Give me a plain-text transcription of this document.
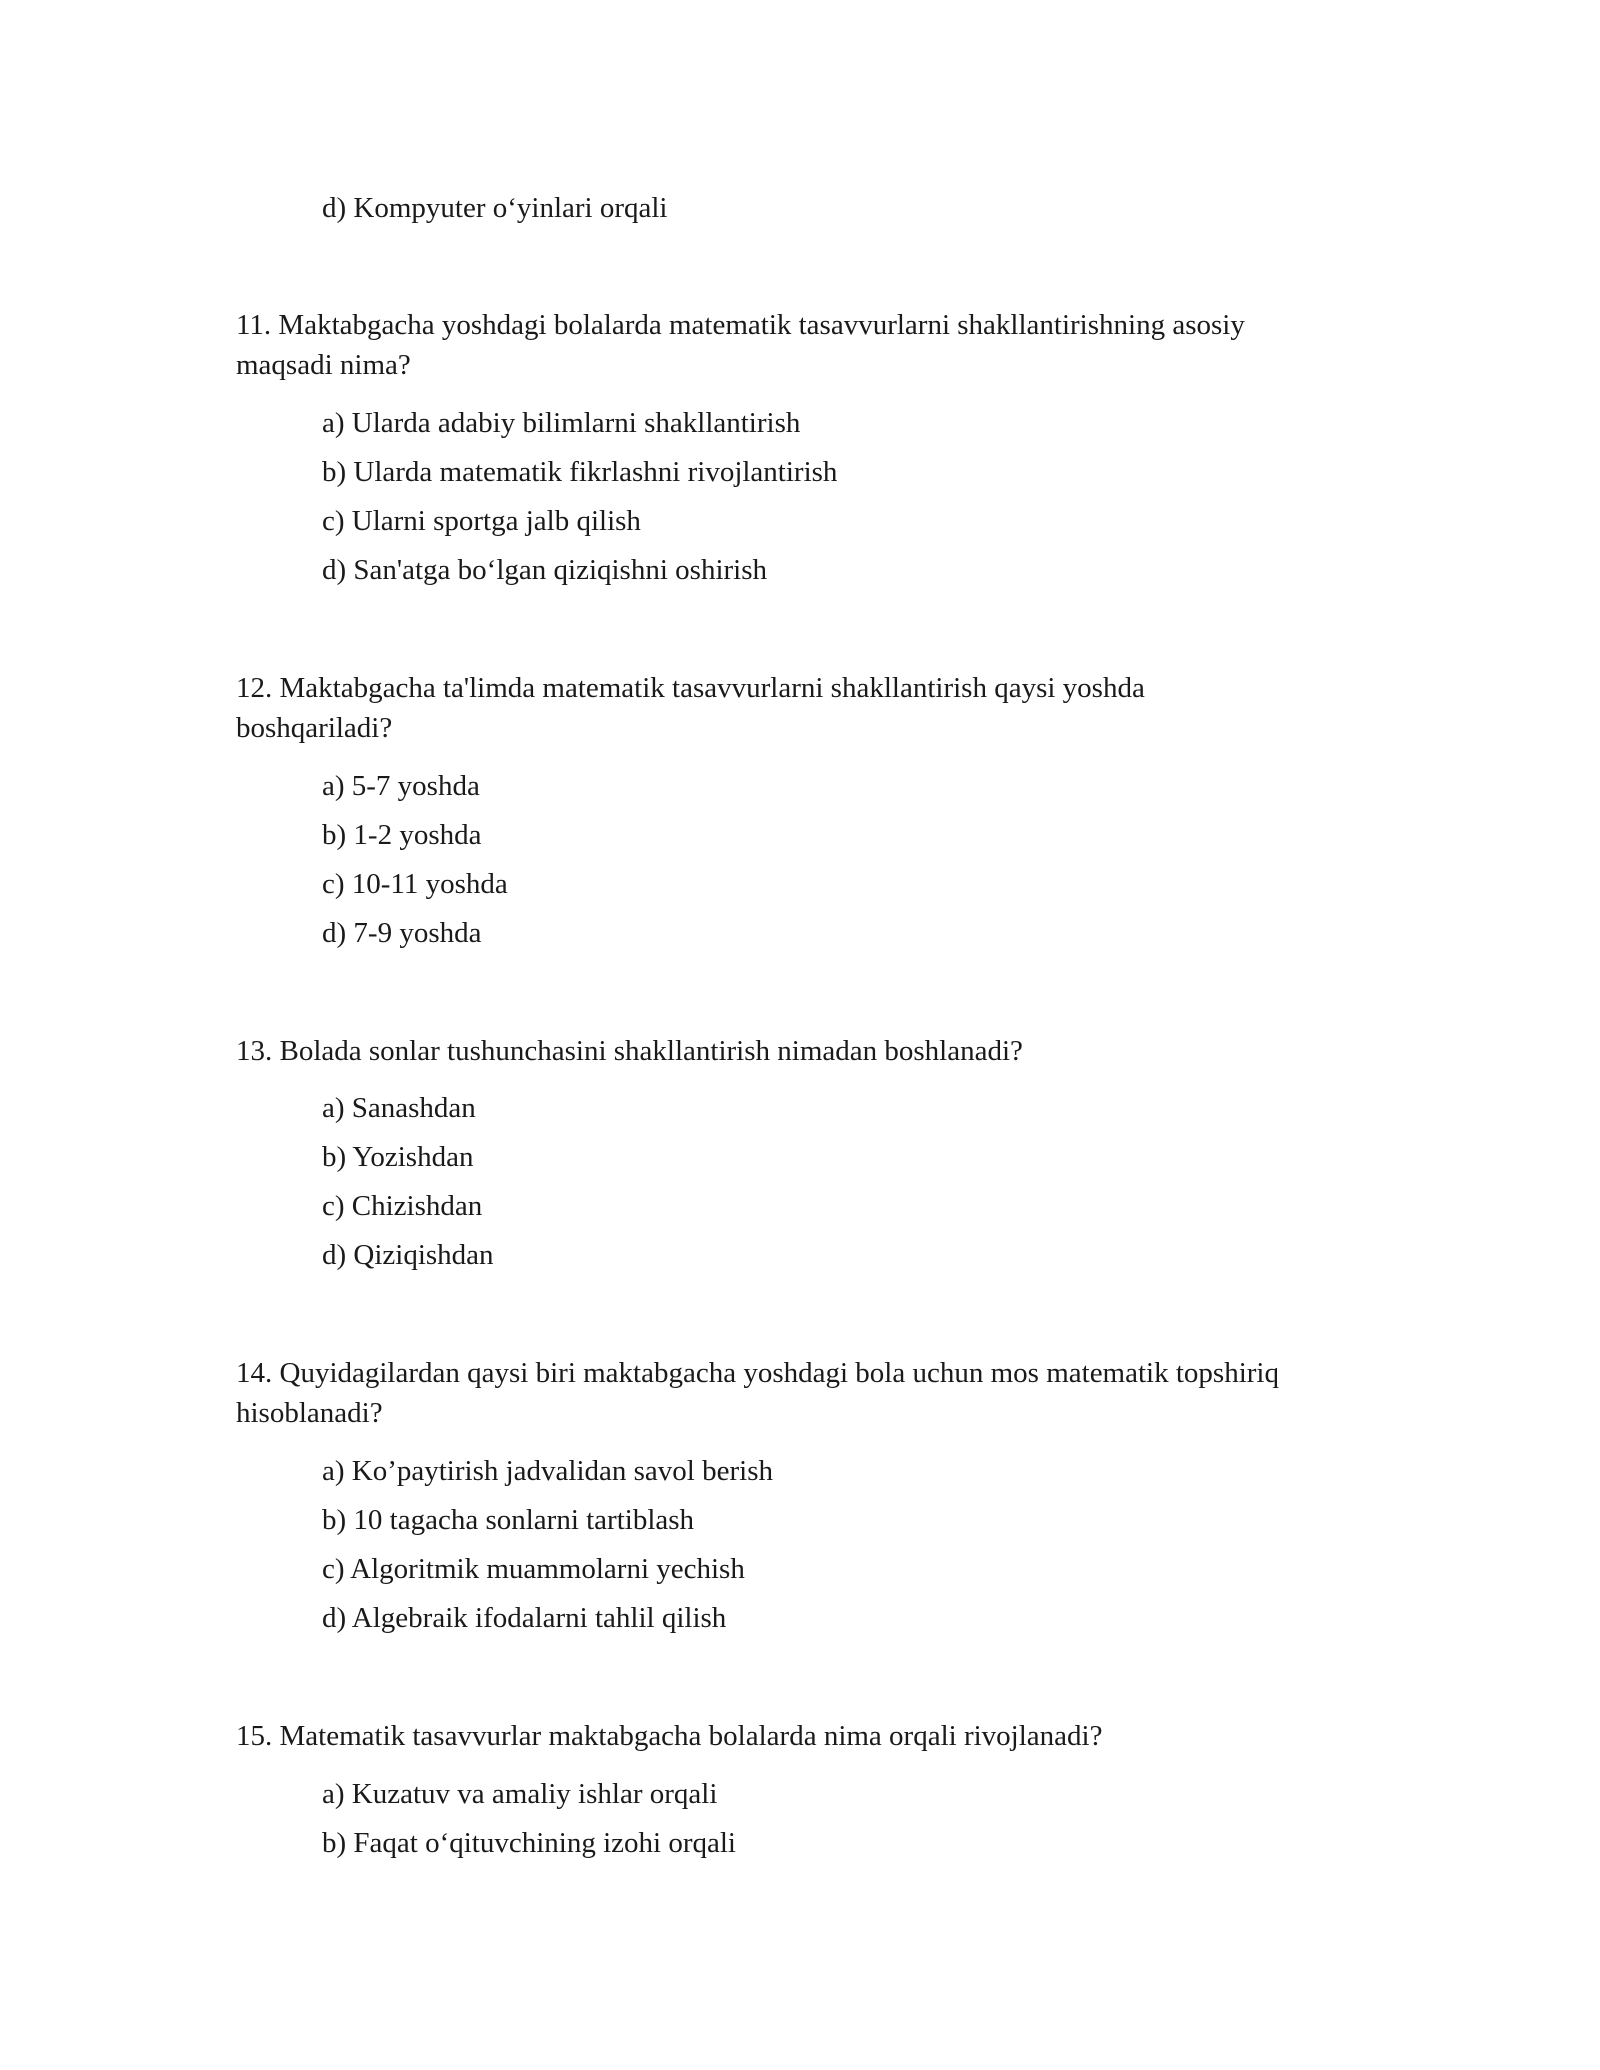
d) Kompyuter o‘yinlari orqali
11. Maktabgacha yoshdagi bolalarda matematik tasavvurlarni shakllantirishning asosiy
maqsadi nima?
a) Ularda adabiy bilimlarni shakllantirish
b) Ularda matematik fikrlashni rivojlantirish
c) Ularni sportga jalb qilish
d) San'atga bo‘lgan qiziqishni oshirish
12. Maktabgacha ta'limda matematik tasavvurlarni shakllantirish qaysi yoshda
boshqariladi?
a) 5-7 yoshda
b) 1-2 yoshda
c) 10-11 yoshda
d) 7-9 yoshda
13. Bolada sonlar tushunchasini shakllantirish nimadan boshlanadi?
a) Sanashdan
b) Yozishdan
c) Chizishdan
d) Qiziqishdan
14. Quyidagilardan qaysi biri maktabgacha yoshdagi bola uchun mos matematik topshiriq
hisoblanadi?
a) Ko’paytirish jadvalidan savol berish
b) 10 tagacha sonlarni tartiblash
c) Algoritmik muammolarni yechish
d) Algebraik ifodalarni tahlil qilish
15. Matematik tasavvurlar maktabgacha bolalarda nima orqali rivojlanadi?
a) Kuzatuv va amaliy ishlar orqali
b) Faqat o‘qituvchining izohi orqali
